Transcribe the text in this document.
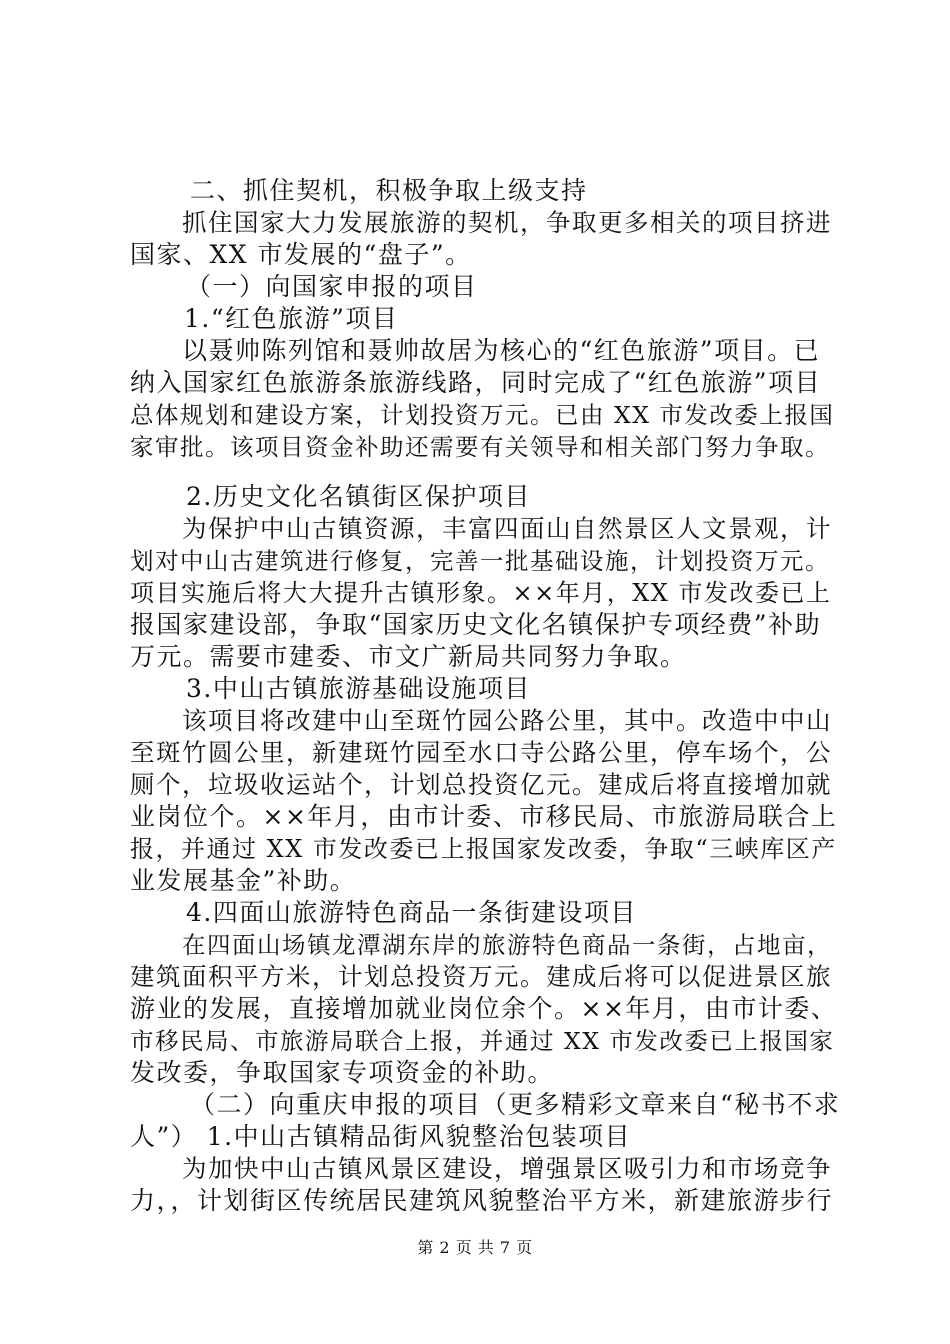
二、抓住契机，积极争取上级支持
抓住国家大力发展旅游的契机，争取更多相关的项目挤进
国家、XX 市发展的“盘子”。
（一）向国家申报的项目
1.“红色旅游”项目
以聂帅陈列馆和聂帅故居为核心的“红色旅游”项目。已
纳入国家红色旅游条旅游线路，同时完成了“红色旅游”项目
总体规划和建设方案，计划投资万元。已由 XX 市发改委上报国
家审批。该项目资金补助还需要有关领导和相关部门努力争取。
2.历史文化名镇街区保护项目
为保护中山古镇资源，丰富四面山自然景区人文景观，计
划对中山古建筑进行修复，完善一批基础设施，计划投资万元。
项目实施后将大大提升古镇形象。××年月，XX 市发改委已上
报国家建设部，争取“国家历史文化名镇保护专项经费”补助
万元。需要市建委、市文广新局共同努力争取。
3.中山古镇旅游基础设施项目
该项目将改建中山至斑竹园公路公里，其中。改造中中山
至斑竹圆公里，新建斑竹园至水口寺公路公里，停车场个，公
厕个，垃圾收运站个，计划总投资亿元。建成后将直接增加就
业岗位个。××年月，由市计委、市移民局、市旅游局联合上
报，并通过 XX 市发改委已上报国家发改委，争取“三峡库区产
业发展基金”补助。
4.四面山旅游特色商品一条街建设项目
在四面山场镇龙潭湖东岸的旅游特色商品一条街，占地亩，
建筑面积平方米，计划总投资万元。建成后将可以促进景区旅
游业的发展，直接增加就业岗位余个。××年月，由市计委、
市移民局、市旅游局联合上报，并通过 XX 市发改委已上报国家
发改委，争取国家专项资金的补助。
（二）向重庆申报的项目（更多精彩文章来自“秘书不求
人”） 1.中山古镇精品街风貌整治包装项目
为加快中山古镇风景区建设，增强景区吸引力和市场竞争
力，，计划街区传统居民建筑风貌整治平方米，新建旅游步行
第 2 页 共 7 页
